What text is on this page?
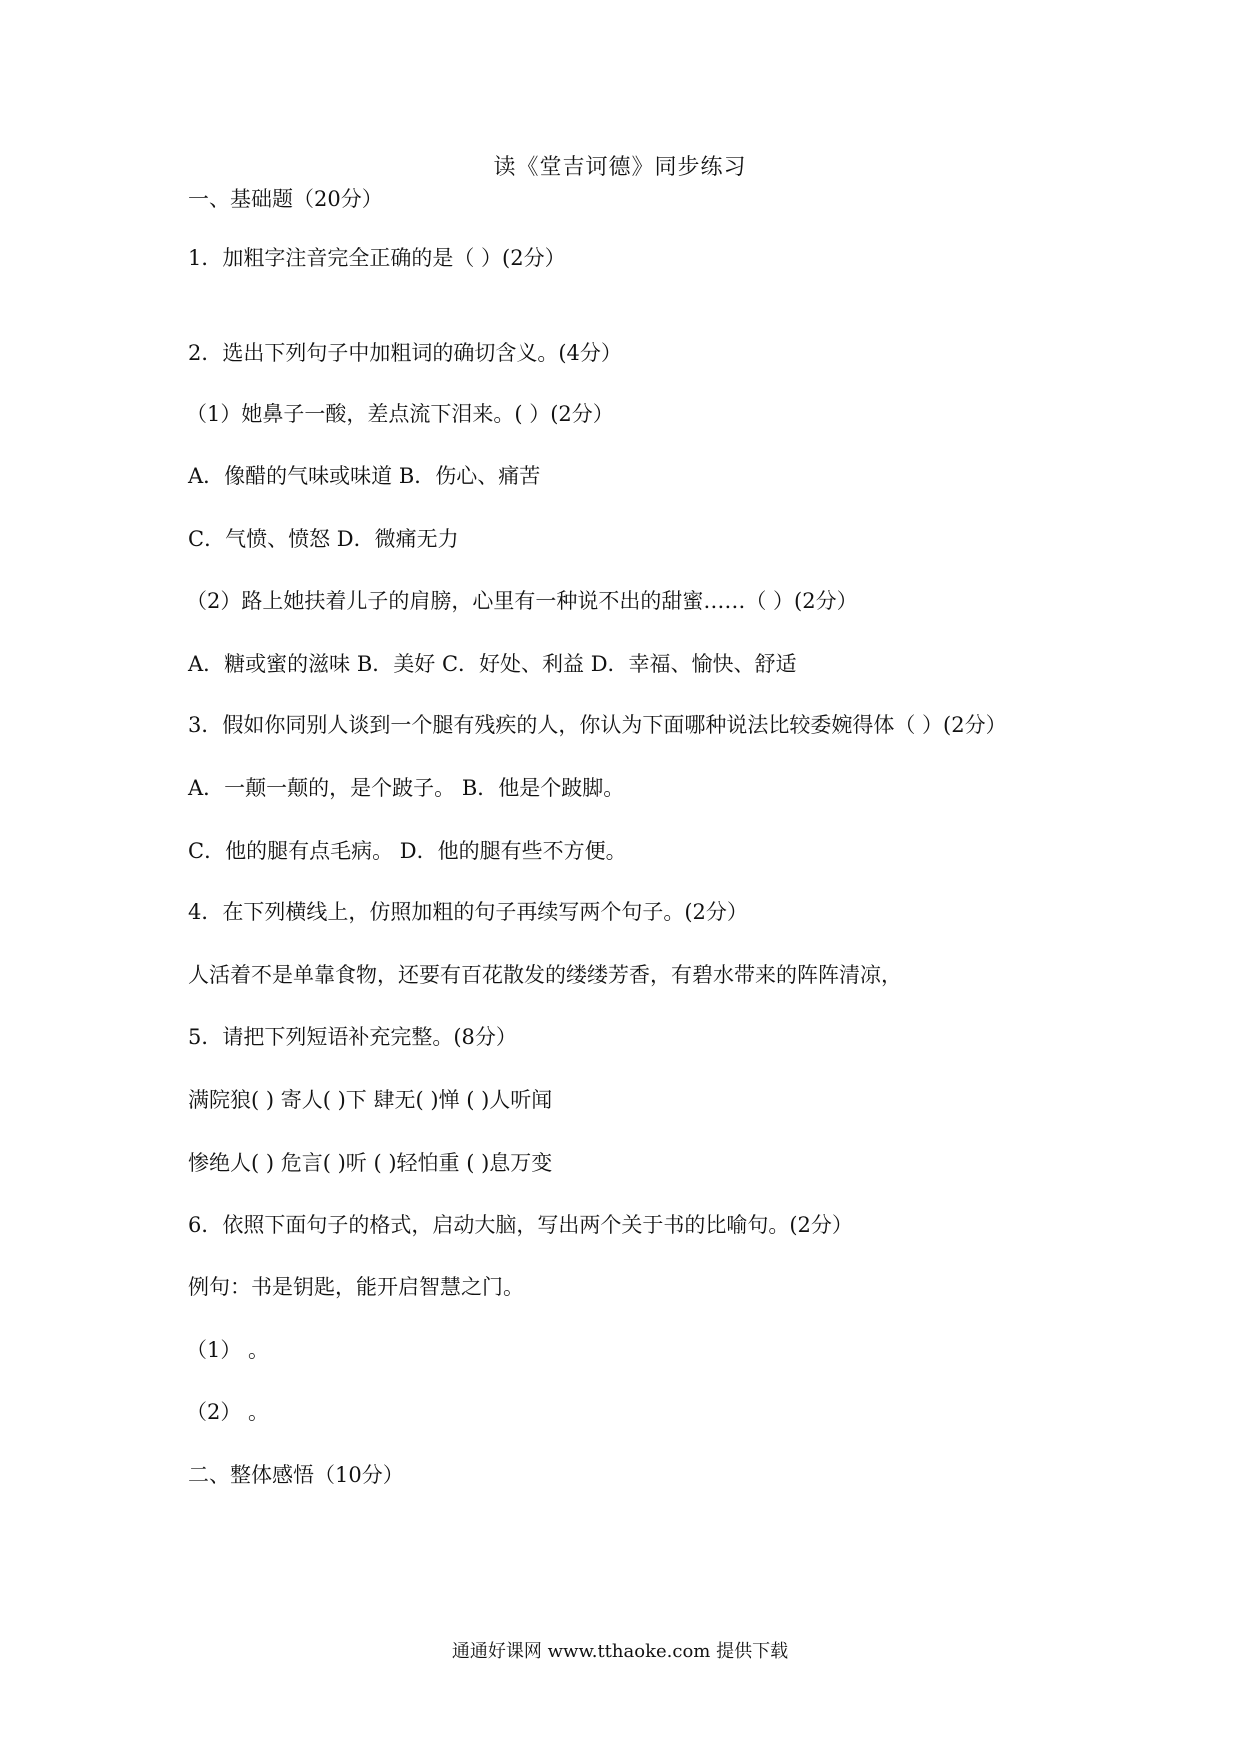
读《堂吉诃德》同步练习
一、基础题（20分）
1．加粗字注音完全正确的是（ ）(2分）
2．选出下列句子中加粗词的确切含义。(4分）
（1）她鼻子一酸，差点流下泪来。( ）(2分）
A．像醋的气味或味道 B．伤心、痛苦
C．气愤、愤怒 D．微痛无力
（2）路上她扶着儿子的肩膀，心里有一种说不出的甜蜜……（ ）(2分）
A．糖或蜜的滋味 B．美好 C．好处、利益 D．幸福、愉快、舒适
3．假如你同别人谈到一个腿有残疾的人，你认为下面哪种说法比较委婉得体（ ）(2分）
A．一颠一颠的，是个跛子。 B．他是个跛脚。
C．他的腿有点毛病。 D．他的腿有些不方便。
4．在下列横线上，仿照加粗的句子再续写两个句子。(2分）
人活着不是单靠食物，还要有百花散发的缕缕芳香，有碧水带来的阵阵清凉，
5．请把下列短语补充完整。(8分）
满院狼( ) 寄人( )下 肆无( )惮 ( )人听闻
惨绝人( ) 危言( )听 ( )轻怕重 ( )息万变
6．依照下面句子的格式，启动大脑，写出两个关于书的比喻句。(2分）
例句：书是钥匙，能开启智慧之门。
（1） 。
（2） 。
二、整体感悟（10分）
通通好课网 www.tthaoke.com 提供下载
